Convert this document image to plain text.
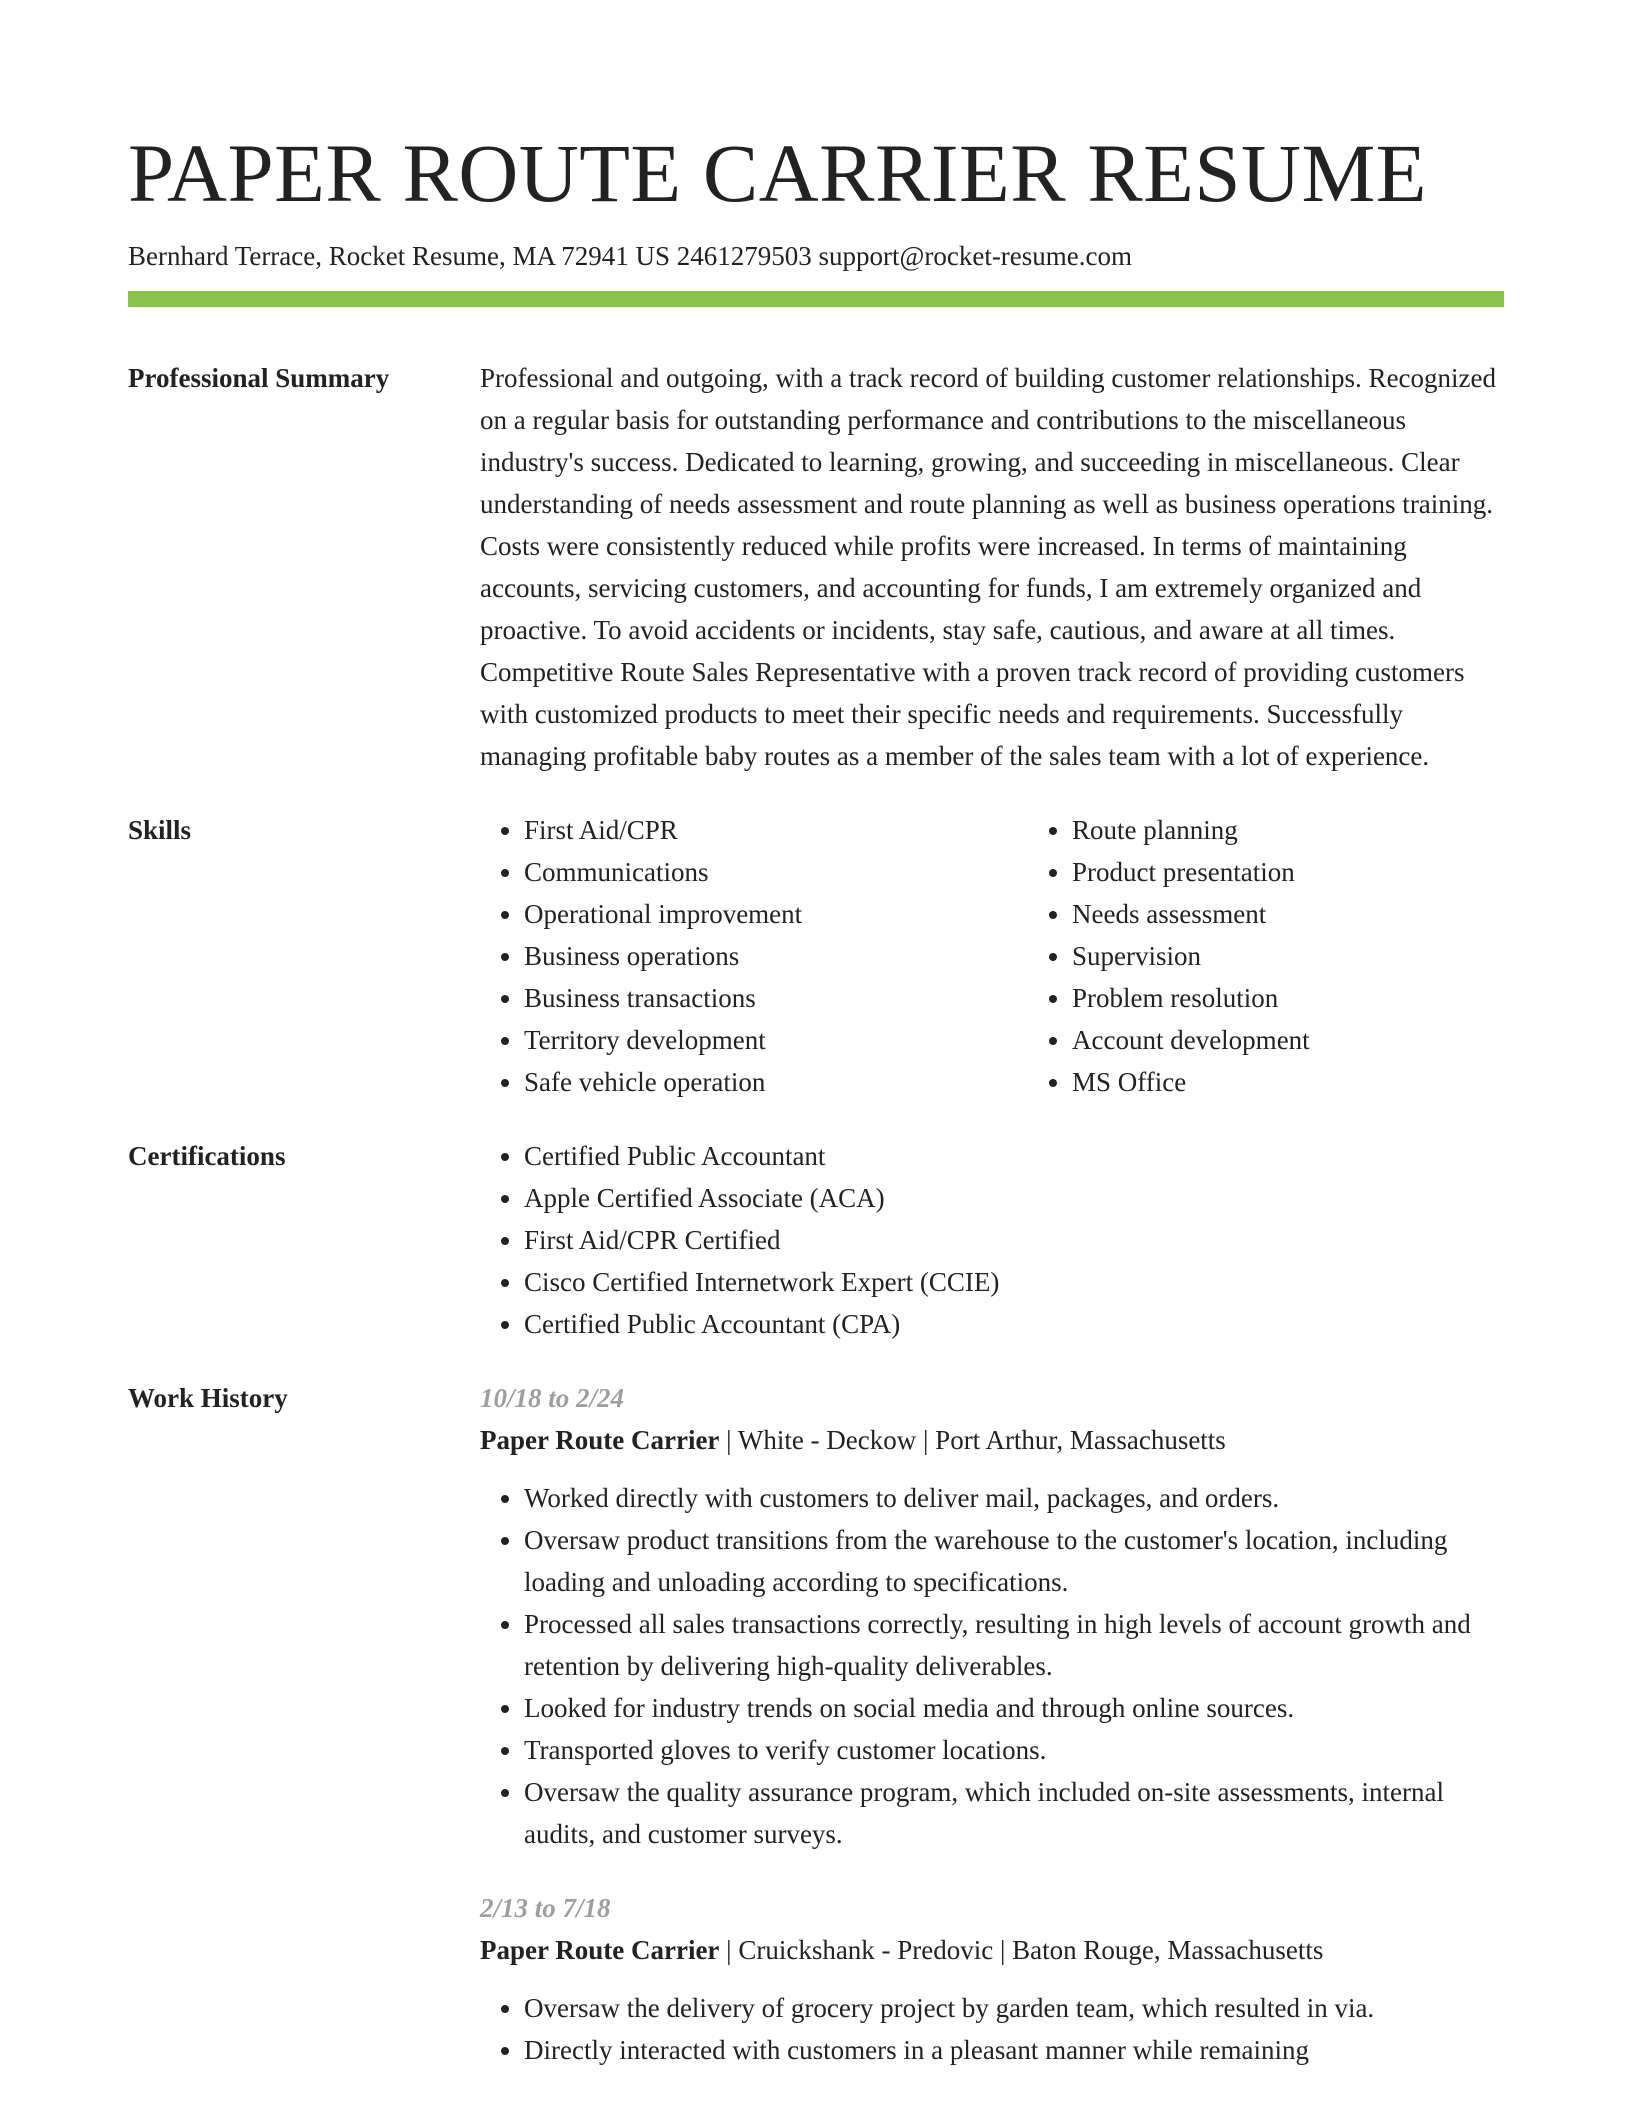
PAPER ROUTE CARRIER RESUME
Bernhard Terrace, Rocket Resume, MA 72941 US 2461279503 support@rocket-resume.com
Professional Summary	Professional and outgoing, with a track record of building customer relationships. Recognized on a regular basis for outstanding performance and contributions to the miscellaneous industry's success. Dedicated to learning, growing, and succeeding in miscellaneous. Clear understanding of needs assessment and route planning as well as business operations training. Costs were consistently reduced while profits were increased. In terms of maintaining accounts, servicing customers, and accounting for funds, I am extremely organized and proactive. To avoid accidents or incidents, stay safe, cautious, and aware at all times. Competitive Route Sales Representative with a proven track record of providing customers with customized products to meet their specific needs and requirements. Successfully managing profitable baby routes as a member of the sales team with a lot of experience.

Skills	• First Aid/CPR
• Communications
• Operational improvement
• Business operations
• Business transactions
• Territory development
• Safe vehicle operation
• Route planning
• Product presentation
• Needs assessment
• Supervision
• Problem resolution
• Account development
• MS Office
Certifications	• Certified Public Accountant
• Apple Certified Associate (ACA)
• First Aid/CPR Certified
• Cisco Certified Internetwork Expert (CCIE)
• Certified Public Accountant (CPA)
Work History	10/18 to 2/24
Paper Route Carrier | White - Deckow | Port Arthur, Massachusetts
• Worked directly with customers to deliver mail, packages, and orders.
• Oversaw product transitions from the warehouse to the customer's location, including loading and unloading according to specifications.
• Processed all sales transactions correctly, resulting in high levels of account growth and retention by delivering high-quality deliverables.
• Looked for industry trends on social media and through online sources.
• Transported gloves to verify customer locations.
• Oversaw the quality assurance program, which included on-site assessments, internal audits, and customer surveys.
2/13 to 7/18
Paper Route Carrier | Cruickshank - Predovic | Baton Rouge, Massachusetts
• Oversaw the delivery of grocery project by garden team, which resulted in via.
• Directly interacted with customers in a pleasant manner while remaining
